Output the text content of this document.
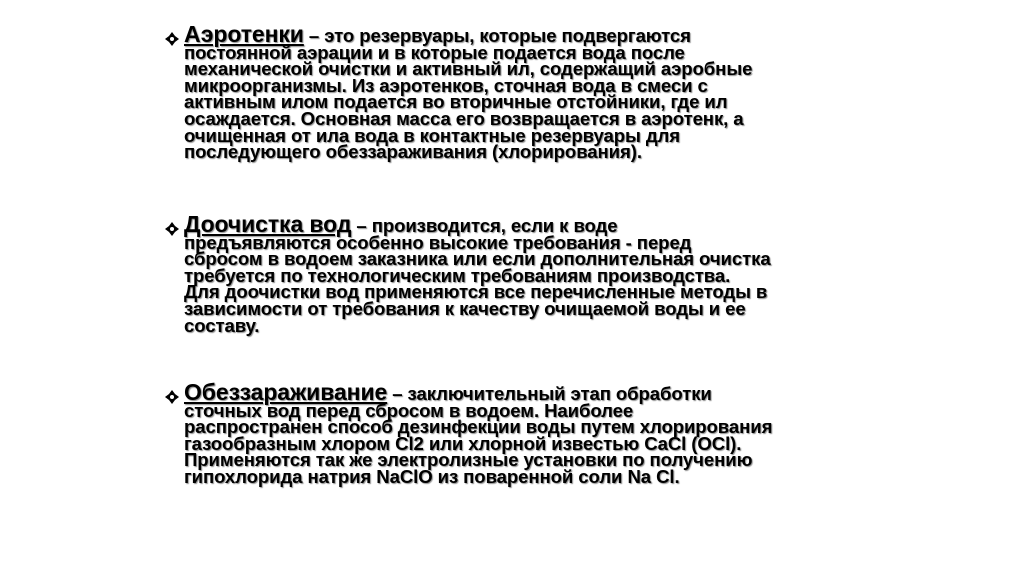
Аэротенки – это резервуары, которые подвергаются
постоянной аэрации и в которые подается вода после
механической очистки и активный ил, содержащий аэробные
микроорганизмы. Из аэротенков, сточная вода в смеси с
активным илом подается во вторичные отстойники, где ил
осаждается. Основная масса его возвращается в аэротенк, а
очищенная от ила вода в контактные резервуары для
последующего обеззараживания (хлорирования).
Доочистка вод – производится, если к воде
предъявляются особенно высокие требования - перед
сбросом в водоем заказника или если дополнительная очистка
требуется по технологическим требованиям производства.
Для доочистки вод применяются все перечисленные методы в
зависимости от требования к качеству очищаемой воды и ее
составу.
Обеззараживание – заключительный этап обработки
сточных вод перед сбросом в водоем. Наиболее
распространен способ дезинфекции воды путем хлорирования
газообразным хлором Cl2 или хлорной известью CaCl (OCl).
Применяются так же электролизные установки по получению
гипохлорида натрия NaClO из поваренной соли Na Cl.
